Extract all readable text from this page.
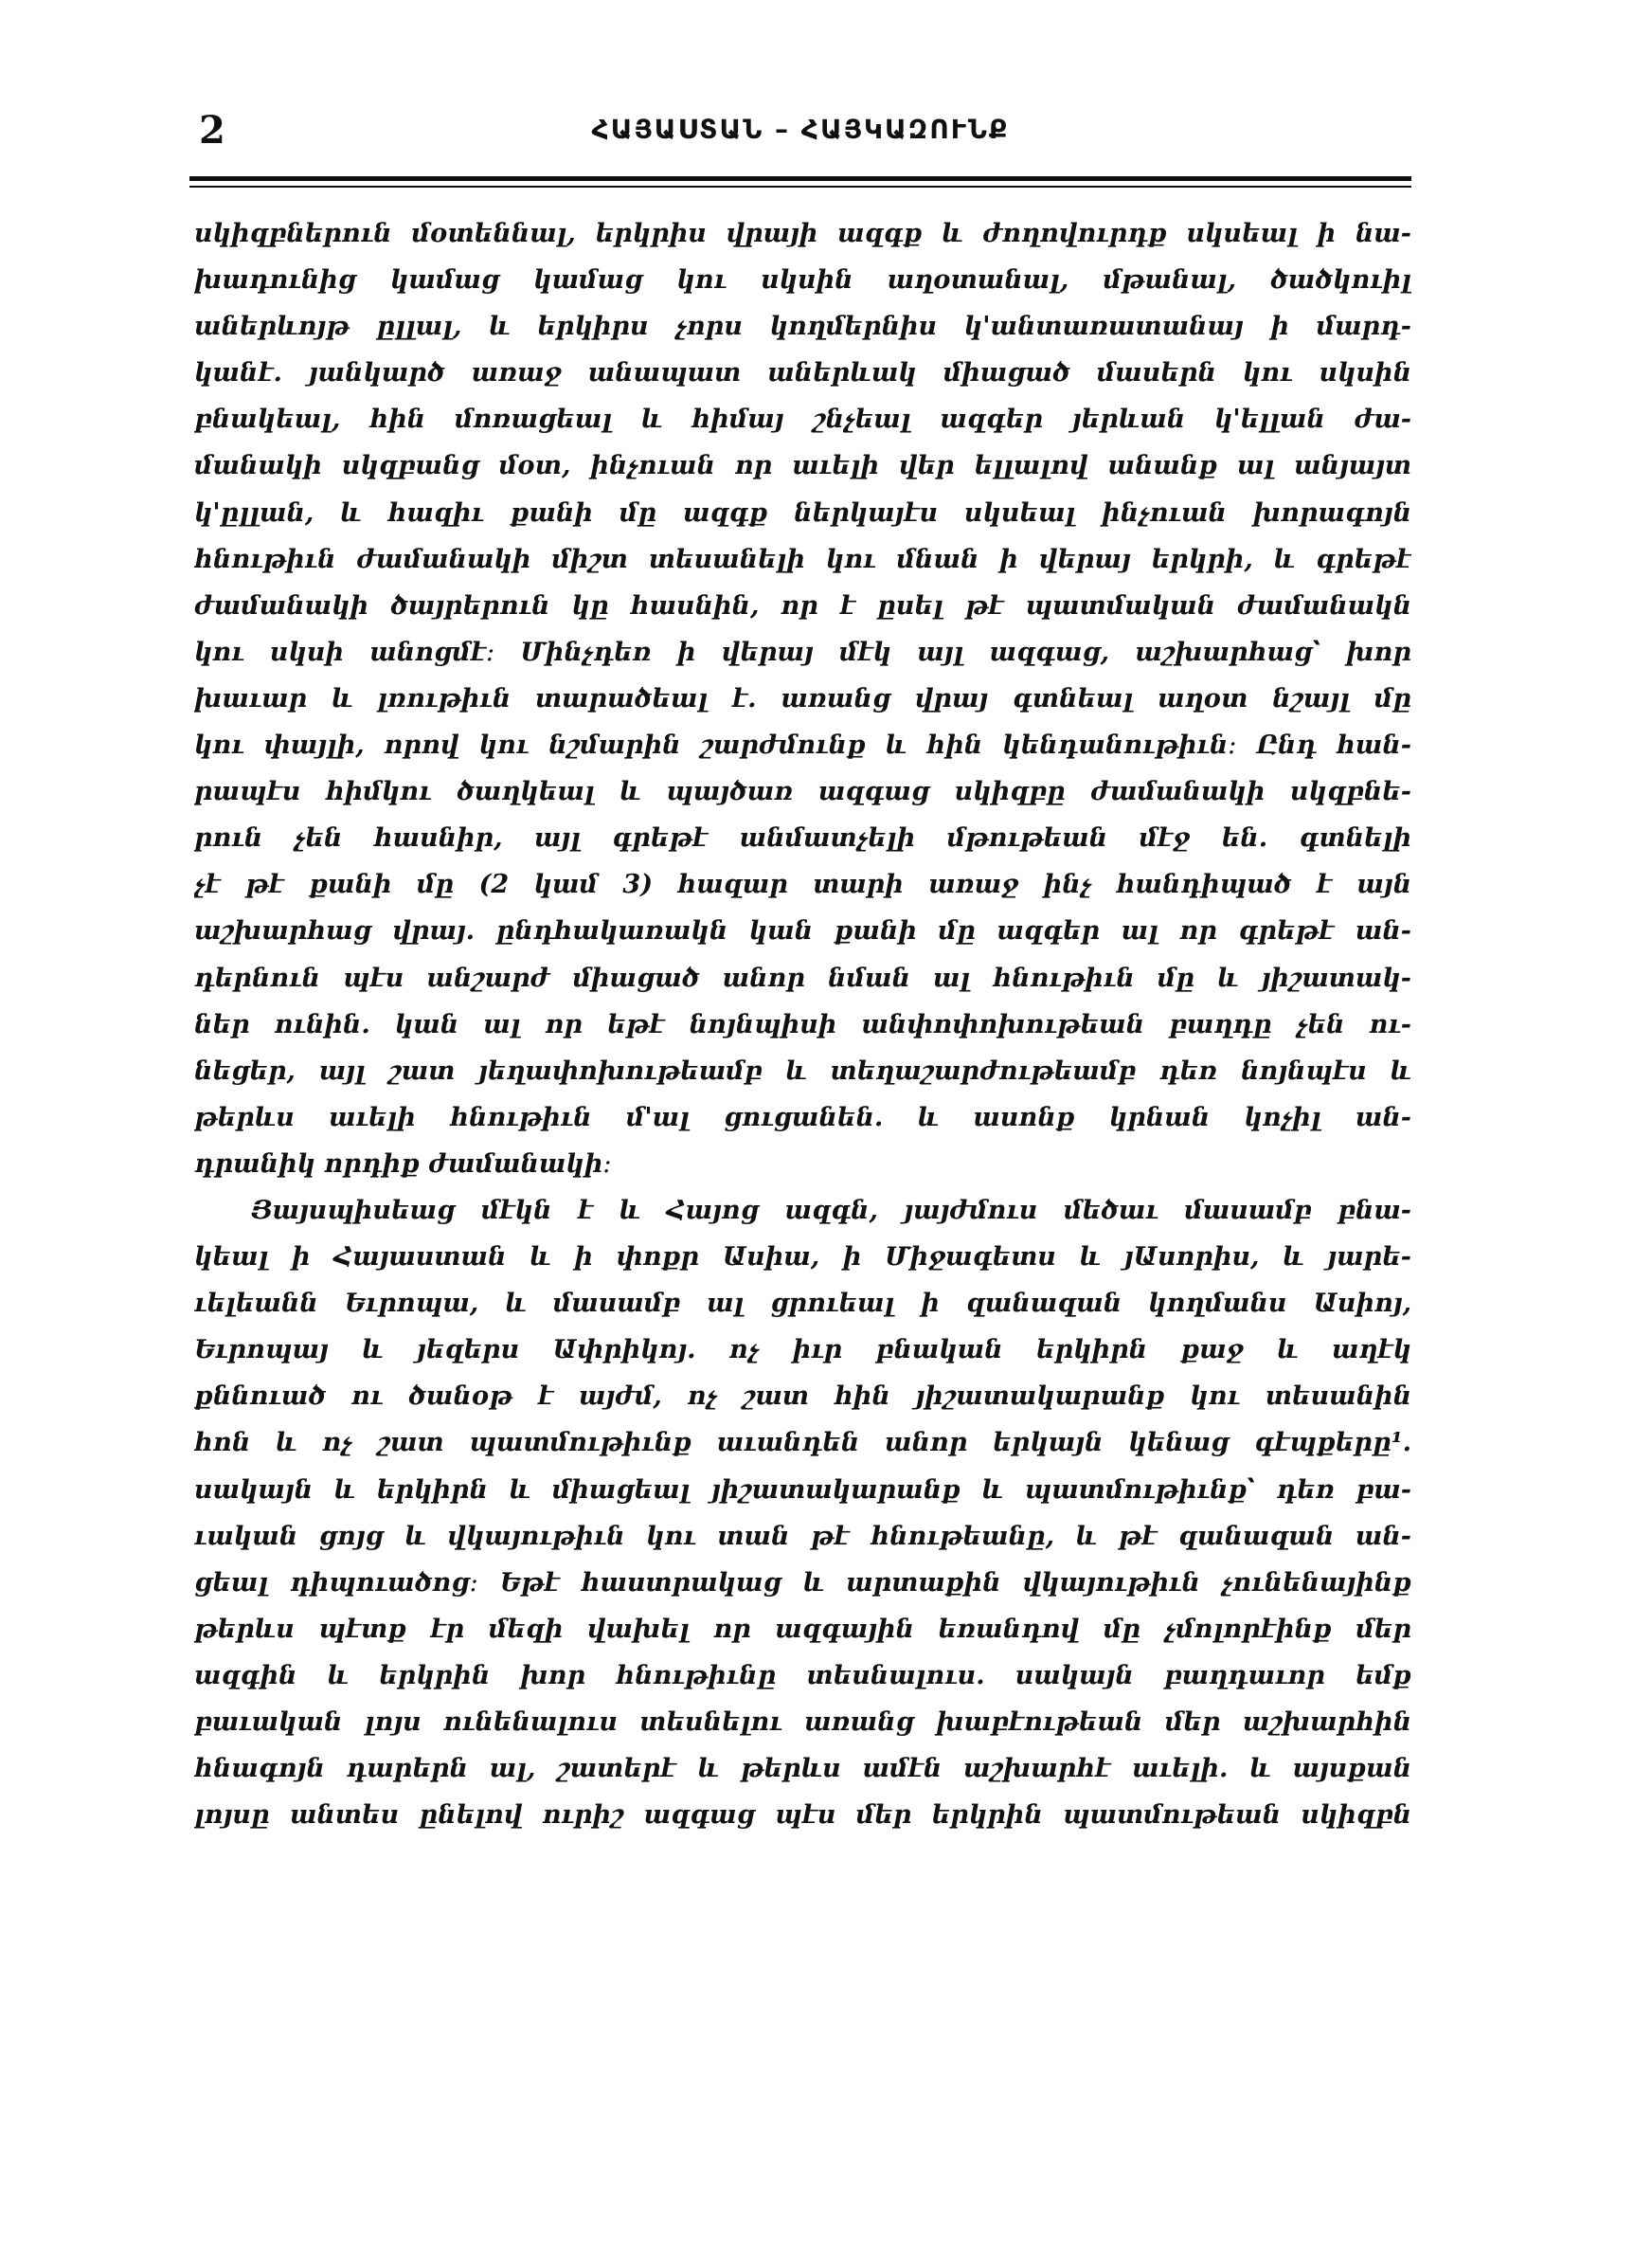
2	ՀԱՅԱՍՏԱՆ – ՀԱՅԿԱԶՈՒՆՔ
սկիզբներուն մօտեննալ, երկրիս վրայի ազգք և ժողովուրդք սկսեալ ի նա-
խադունից կամաց կամաց կու սկսին աղօտանալ, մթանալ, ծածկուիլ
աներևոյթ ըլլալ, և երկիրս չորս կողմերնիս կ'անտառատանայ ի մարդ-
կանէ. յանկարծ առաջ անապատ աներևակ միացած մասերն կու սկսին
բնակեալ, հին մոռացեալ և հիմայ շնչեալ ազգեր յերևան կ'ելլան ժա-
մանակի սկզբանց մօտ, ինչուան որ աւելի վեր ելլալով անանք ալ անյայտ
կ'ըլլան, և հազիւ քանի մը ազգք ներկայէս սկսեալ ինչուան խորագոյն
հնութիւն ժամանակի միշտ տեսանելի կու մնան ի վերայ երկրի, և գրեթէ
ժամանակի ծայրերուն կը հասնին, որ է ըսել թէ պատմական ժամանակն
կու սկսի անոցմէ։ Մինչդեռ ի վերայ մէկ այլ ազգաց, աշխարհաց՝ խոր
խաւար և լռութիւն տարածեալ է. առանց վրայ գտնեալ աղօտ նշայլ մը
կու փայլի, որով կու նշմարին շարժմունք և հին կենդանութիւն։ Ընդ հան-
րապէս հիմկու ծաղկեալ և պայծառ ազգաց սկիզբը ժամանակի սկզբնե-
րուն չեն հասնիր, այլ գրեթէ անմատչելի մթութեան մէջ են. գտնելի
չէ թէ քանի մը (2 կամ 3) հազար տարի առաջ ինչ հանդիպած է այն
աշխարհաց վրայ. ընդհակառակն կան քանի մը ազգեր ալ որ գրեթէ ան-
դերնուն պէս անշարժ միացած անոր նման ալ հնութիւն մը և յիշատակ-
ներ ունին. կան ալ որ եթէ նոյնպիսի անփոփոխութեան բաղդը չեն ու-
նեցեր, այլ շատ յեղափոխութեամբ և տեղաշարժութեամբ դեռ նոյնպէս և
թերևս աւելի հնութիւն մ'ալ ցուցանեն. և ասոնք կրնան կոչիլ ան-
դրանիկ որդիք ժամանակի։
Յայսպիսեաց մէկն է և Հայոց ազգն, յայժմուս մեծաւ մասամբ բնա-
կեալ ի Հայաստան և ի փոքր Ասիա, ի Միջագետս և յԱսորիս, և յարե-
ւելեանն Եւրոպա, և մասամբ ալ ցրուեալ ի զանազան կողմանս Ասիոյ,
Եւրոպայ և յեզերս Ափրիկոյ. ոչ իւր բնական երկիրն քաջ և աղէկ
քննուած ու ծանօթ է այժմ, ոչ շատ հին յիշատակարանք կու տեսանին
հոն և ոչ շատ պատմութիւնք աւանդեն անոր երկայն կենաց գէպքերը¹.
սակայն և երկիրն և միացեալ յիշատակարանք և պատմութիւնք՝ դեռ բա-
ւական ցոյց և վկայութիւն կու տան թէ հնութեանը, և թէ զանազան ան-
ցեալ դիպուածոց։ Եթէ հաստրակաց և արտաքին վկայութիւն չունենայինք
թերևս պէտք էր մեզի վախել որ ազգային եռանդով մը չմոլորէինք մեր
ազգին և երկրին խոր հնութիւնը տեսնալուս. սակայն բաղդաւոր եմք
բաւական լոյս ունենալուս տեսնելու առանց խաբէութեան մեր աշխարհին
հնագոյն դարերն ալ, շատերէ և թերևս ամէն աշխարհէ աւելի. և այսքան
լոյսը անտես ընելով ուրիշ ազգաց պէս մեր երկրին պատմութեան սկիզբն
